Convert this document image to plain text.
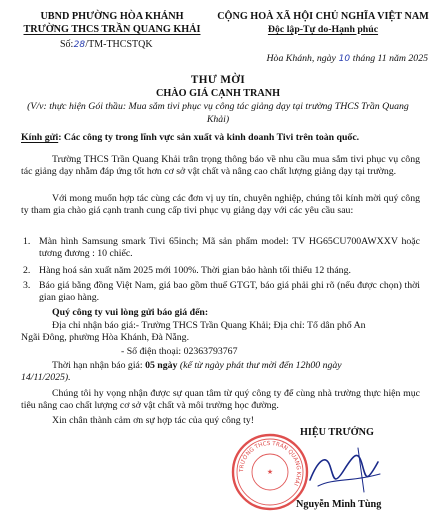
UBND PHƯỜNG HÒA KHÁNH
TRƯỜNG THCS TRẦN QUANG KHẢI
CỘNG HOÀ XÃ HỘI CHỦ NGHĨA VIỆT NAM
Độc lập-Tự do-Hạnh phúc
Số:28/TM-THCSTQK
Hòa Khánh, ngày 10 tháng 11 năm 2025
THƯ MỜI
CHÀO GIÁ CẠNH TRANH
(V/v: thực hiện Gói thầu: Mua sắm tivi phục vụ công tác giảng dạy tại trường THCS Trần Quang Khải)
Kính gửi: Các công ty trong lĩnh vực sản xuất và kinh doanh Tivi trên toàn quốc.
Trường THCS Trần Quang Khải trân trọng thông báo về nhu cầu mua sắm tivi phục vụ công tác giảng dạy nhằm đáp ứng tốt hơn cơ sở vật chất và nâng cao chất lượng giảng dạy tại trường.
Với mong muốn hợp tác cùng các đơn vị uy tín, chuyên nghiệp, chúng tôi kính mời quý công ty tham gia chào giá cạnh tranh cung cấp tivi phục vụ giảng dạy với các yêu cầu sau:
1. Màn hình Samsung smark Tivi 65inch; Mã sản phẩm model: TV HG65CU700AWXXV hoặc tương đương : 10 chiếc.
2. Hàng hoá sản xuất năm 2025 mới 100%. Thời gian bảo hành tối thiểu 12 tháng.
3. Báo giá bằng đồng Việt Nam, giá bao gồm thuế GTGT, báo giá phải ghi rõ (nếu được chọn) thời gian giao hàng.
Quý công ty vui lòng gửi báo giá đến:
Địa chỉ nhận báo giá:- Trường THCS Trần Quang Khải; Địa chỉ: Tổ dân phố An
Ngãi Đông, phường Hòa Khánh, Đà Nẵng.
- Số điện thoại: 02363793767
Thời hạn nhận báo giá: 05 ngày (kể từ ngày phát thư mời đến 12h00 ngày
14/11/2025).
Chúng tôi hy vọng nhận được sự quan tâm từ quý công ty để cùng nhà trường thực hiện mục tiêu nâng cao chất lượng cơ sở vật chất và môi trường học đường.
Xin chân thành cảm ơn sự hợp tác của quý công ty!
TRƯỜNG THCS TRẦN QUANG KHẢI
★
HIỆU TRƯỞNG
Nguyễn Minh Tùng
